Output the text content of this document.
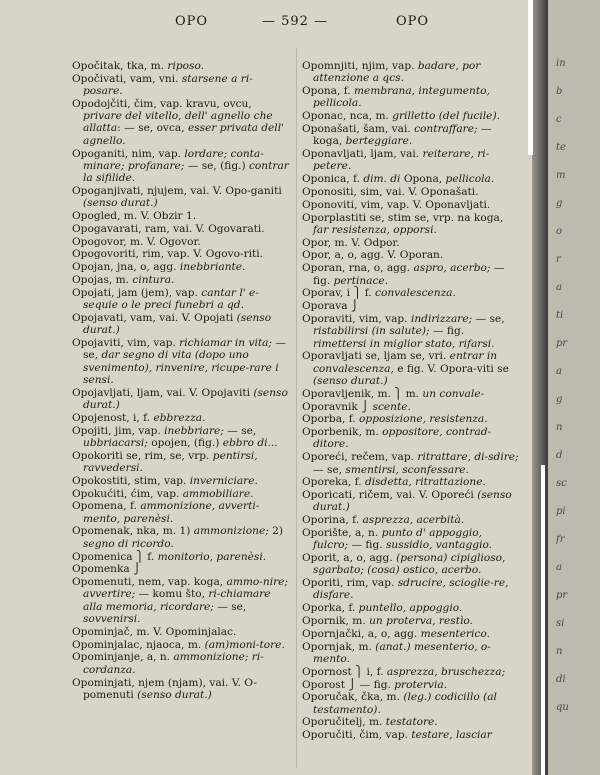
OPO	— 592 —	OPO
Opočitak, tka, m. riposo.
Opočivati, vam, vni. starsene a ri-posare.
Opodojčiti, čim, vap. kravu, ovcu, privare del vitello, dell' agnello che allatta: — se, ovca, esser privata dell' agnello.
Opoganiti, nim, vap. lordare; conta-minare; profanare; — se, (fig.) contrar la sifilide.
Opoganjivati, njujem, vai. V. Opo-ganiti (senso durat.)
Opogled, m. V. Obzir 1.
Opogavarati, ram, vai. V. Ogovarati.
Opogovor, m. V. Ogovor.
Opogovoriti, rim, vap. V. Ogovo-riti.
Opojan, jna, o, agg. inebbriante.
Opojas, m. cintura.
Opojati, jam (jem), vap. cantar l' e-sequie o le preci funebri a qd.
Opojavati, vam, vai. V. Opojati (senso durat.)
Opojaviti, vim, vap. richiamar in vita; — se, dar segno di vita (dopo uno svenimento), rinvenire, ricupe-rare i sensi.
Opojavljati, ljam, vai. V. Opojaviti (senso durat.)
Opojenost, i, f. ebbrezza.
Opojiti, jim, vap. inebbriare; — se, ubbriacarsi; opojen, (fig.) ebbro di...
Opokoriti se, rim, se, vrp. pentirsi, ravvedersi.
Opokostiti, stim, vap. inverniciare.
Opokućiti, ćim, vap. ammobiliare.
Opomena, f. ammonizione, avverti-mento, parenèsi.
Opomenak, nka, m. 1) ammonizione; 2) segno di ricordo.
Opomenica ⎫ f. monitorio, parenèsi.
Opomenka ⎭
Opomenuti, nem, vap. koga, ammo-nire; avvertire; — komu što, ri-chiamare alla memoria, ricordare; — se, sovvenirsi.
Opominjač, m. V. Opominjalac.
Opominjalac, njaoca, m. (am)moni-tore.
Opominjanje, a, n. ammonizione; ri-cordanza.
Opominjati, njem (njam), vai. V. O-pomenuti (senso durat.)
Opomnjiti, njim, vap. badare, por attenzione a qcs.
Opona, f. membrana, integumento, pellicola.
Oponac, nca, m. grilletto (del fucile).
Oponašati, šam, vai. contraffare; — koga, berteggiare.
Oponavljati, ljam, vai. reiterare, ri-petere.
Oponica, f. dim. di Opona, pellicola.
Oponositi, sim, vai. V. Oponašati.
Oponoviti, vim, vap. V. Oponavljati.
Oporplastiti se, stim se, vrp. na koga, far resistenza, opporsi.
Opor, m. V. Odpor.
Opor, a, o, agg. V. Oporan.
Oporan, rna, o, agg. aspro, acerbo; — fig. pertinace.
Oporav, i ⎫ f. convalescenza.
Oporava ⎭
Oporaviti, vim, vap. indirizzare; — se, ristabilirsi (in salute); — fig. rimettersi in miglior stato, rifarsi.
Oporavljati se, ljam se, vri. entrar in convalescenza, e fig. V. Opora-viti se (senso durat.)
Oporavljenik, m. ⎫ m. un convale-
Oporavnik ⎭ scente.
Oporba, f. opposizione, resistenza.
Oporbenik, m. oppositore, contrad-ditore.
Oporeći, rečem, vap. ritrattare, di-sdire; — se, smentirsi, sconfessare.
Oporeka, f. disdetta, ritrattazione.
Oporicati, ričem, vai. V. Oporeći (senso durat.)
Oporina, f. asprezza, acerbità.
Oporište, a, n. punto d' appoggio, fulcro; — fig. sussidio, vantaggio.
Oporit, a, o, agg. (persona) cipiglioso, sgarbato; (cosa) ostico, acerbo.
Oporiti, rim, vap. sdrucire, scioglie-re, disfare.
Oporka, f. puntello, appoggio.
Opornik, m. un proterva, restìo.
Opornjački, a, o, agg. mesenterico.
Opornjak, m. (anat.) mesenterio, o-mento.
Opornost ⎫ i, f. asprezza, bruschezza;
Oporost ⎭ — fig. protervia.
Oporučak, čka, m. (leg.) codicillo (al testamento).
Oporučitelj, m. testatore.
Oporučiti, čim, vap. testare, lasciar
in
b
c
te
m
g
o
r
a
ti
pr
a
g
n
d
sc
pi
fr
a
pr
si
n
di
qu
